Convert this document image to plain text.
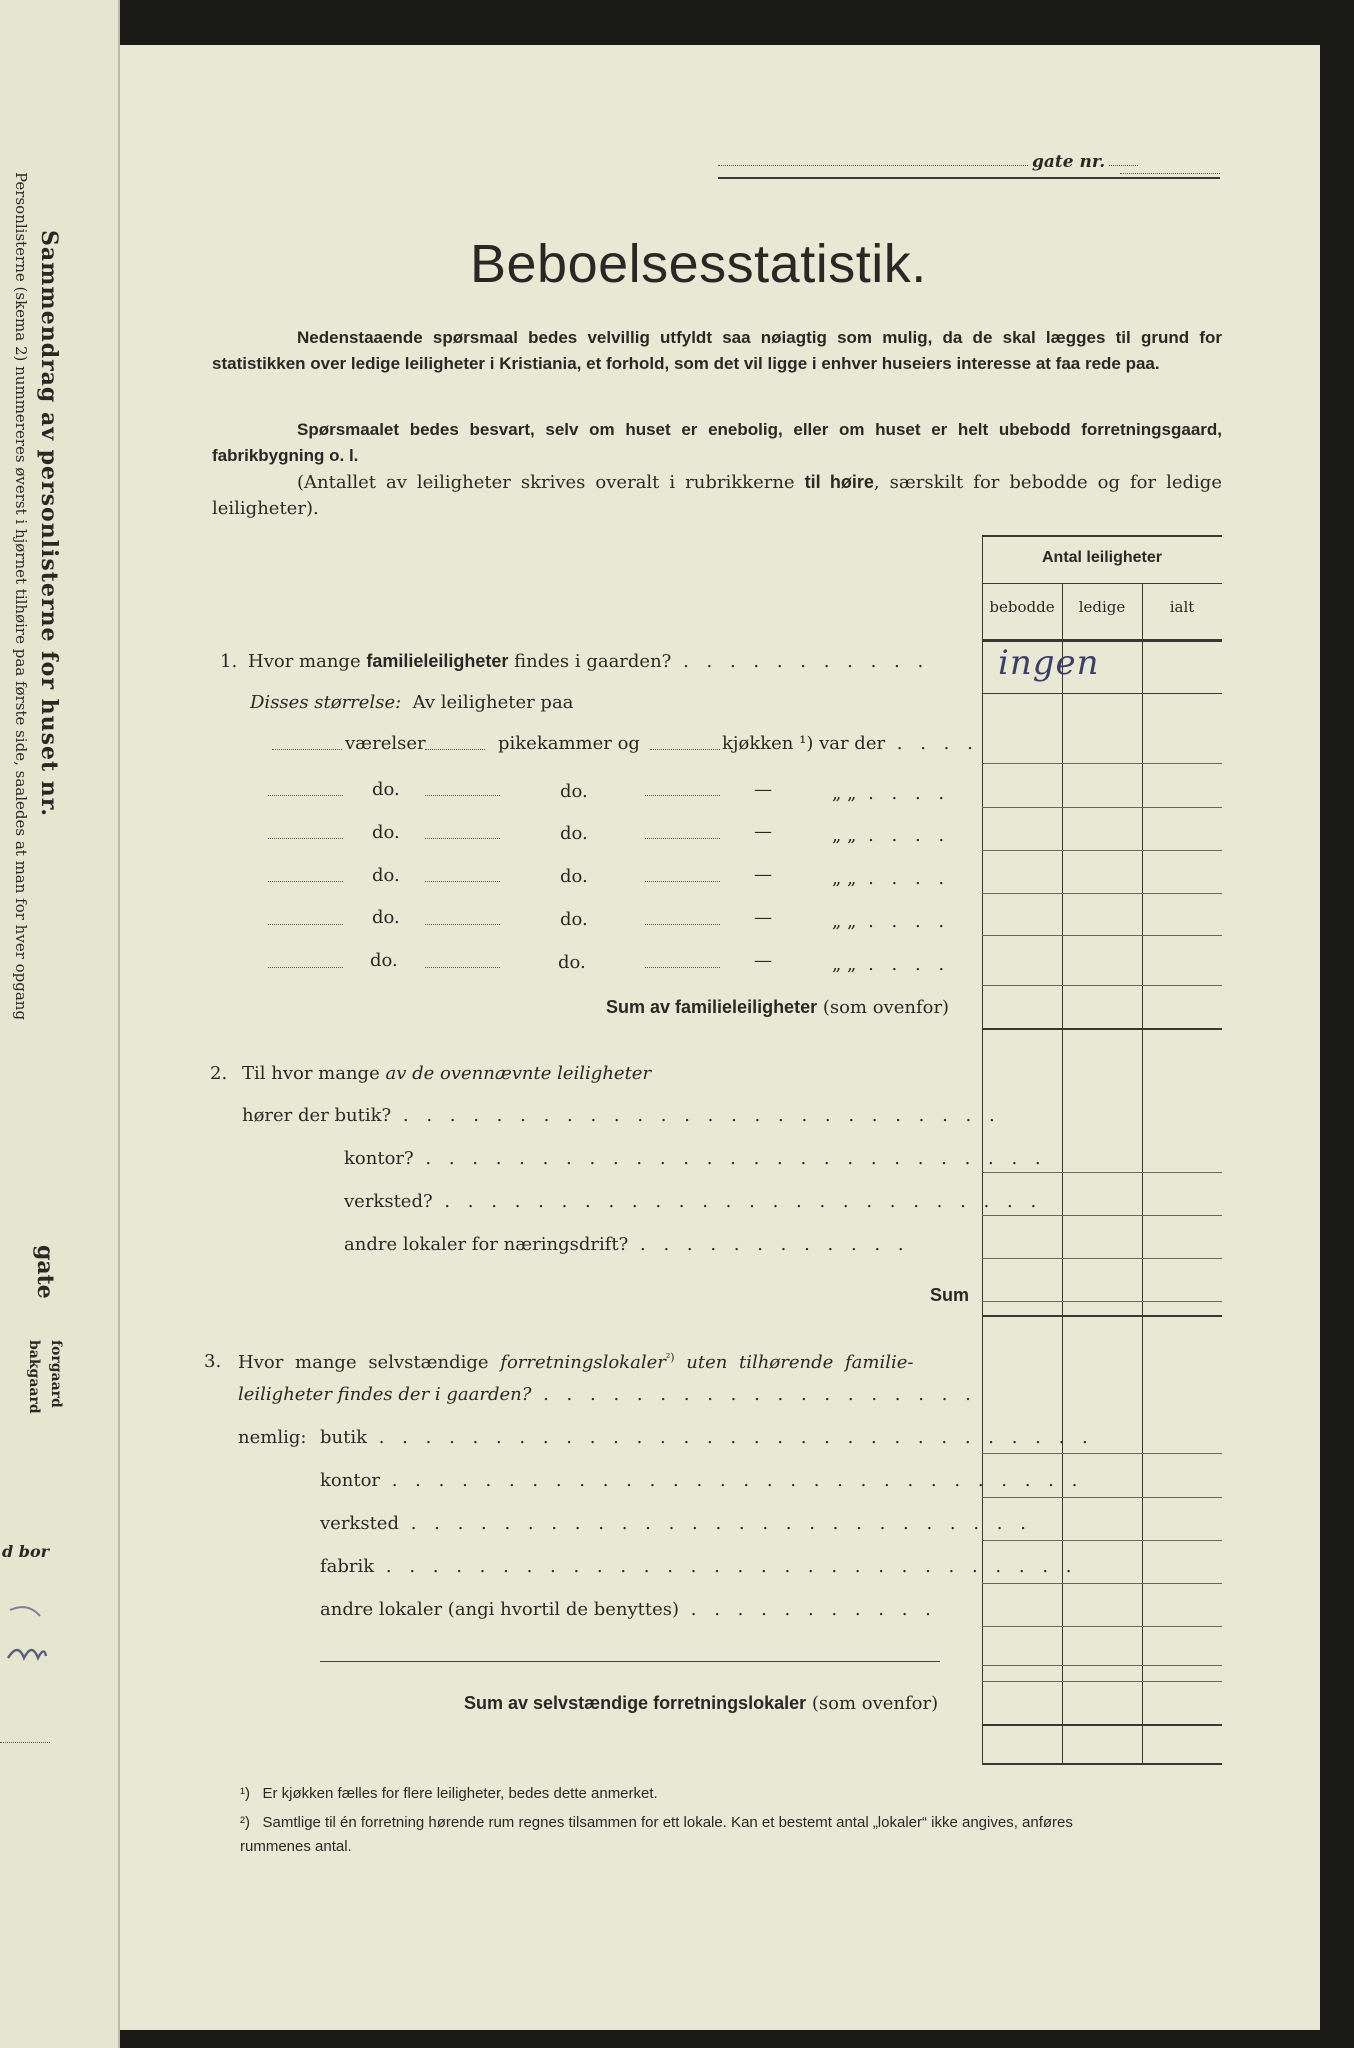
Sammendrag av personlisterne for huset nr.
Personlisterne (skema 2) nummereres øverst i hjørnet tilhøire paa første side, saaledes at man for hver opgang
gate
forgaard
bakgaard
d bor
gate nr.
Beboelsesstatistik.
Nedenstaaende spørsmaal bedes velvillig utfyldt saa nøiagtig som mulig, da de skal lægges til grund for statistikken over ledige leiligheter i Kristiania, et forhold, som det vil ligge i enhver huseiers interesse at faa rede paa.
Spørsmaalet bedes besvart, selv om huset er enebolig, eller om huset er helt ubebodd forretningsgaard, fabrikbygning o. l.
(Antallet av leiligheter skrives overalt i rubrikkerne til høire, særskilt for bebodde og for ledige leiligheter).
Antal leiligheter
bebodde	ledige	ialt
ingen
1. Hvor mange familieleiligheter findes i gaarden? . . . . . . . . . . .
Disses størrelse: Av leiligheter paa
værelser	pikekammer og	kjøkken ¹) var der . . . .
do.	do.	—	„ „ . . . .
do.	do.	—	„ „ . . . .
do.	do.	—	„ „ . . . .
do.	do.	—	„ „ . . . .
do.	do.	—	„ „ . . . .
Sum av familieleiligheter (som ovenfor)
2. Til hvor mange av de ovennævnte leiligheter
hører der butik? . . . . . . . . . . . . . . . . . . . . . . . . . .
kontor? . . . . . . . . . . . . . . . . . . . . . . . . . . .
verksted? . . . . . . . . . . . . . . . . . . . . . . . . . .
andre lokaler for næringsdrift? . . . . . . . . . . . .
Sum
3. Hvor mange selvstændige forretningslokaler$^{^2)}$ uten tilhørende familie-
leiligheter findes der i gaarden? . . . . . . . . . . . . . . . . . . .
nemlig: butik . . . . . . . . . . . . . . . . . . . . . . . . . . . . . . .
kontor . . . . . . . . . . . . . . . . . . . . . . . . . . . . . .
verksted . . . . . . . . . . . . . . . . . . . . . . . . . . .
fabrik . . . . . . . . . . . . . . . . . . . . . . . . . . . . . .
andre lokaler (angi hvortil de benyttes) . . . . . . . . . . .
Sum av selvstændige forretningslokaler (som ovenfor)
¹) Er kjøkken fælles for flere leiligheter, bedes dette anmerket.
²) Samtlige til én forretning hørende rum regnes tilsammen for ett lokale. Kan et bestemt antal „lokaler“ ikke angives, anføres rummenes antal.
